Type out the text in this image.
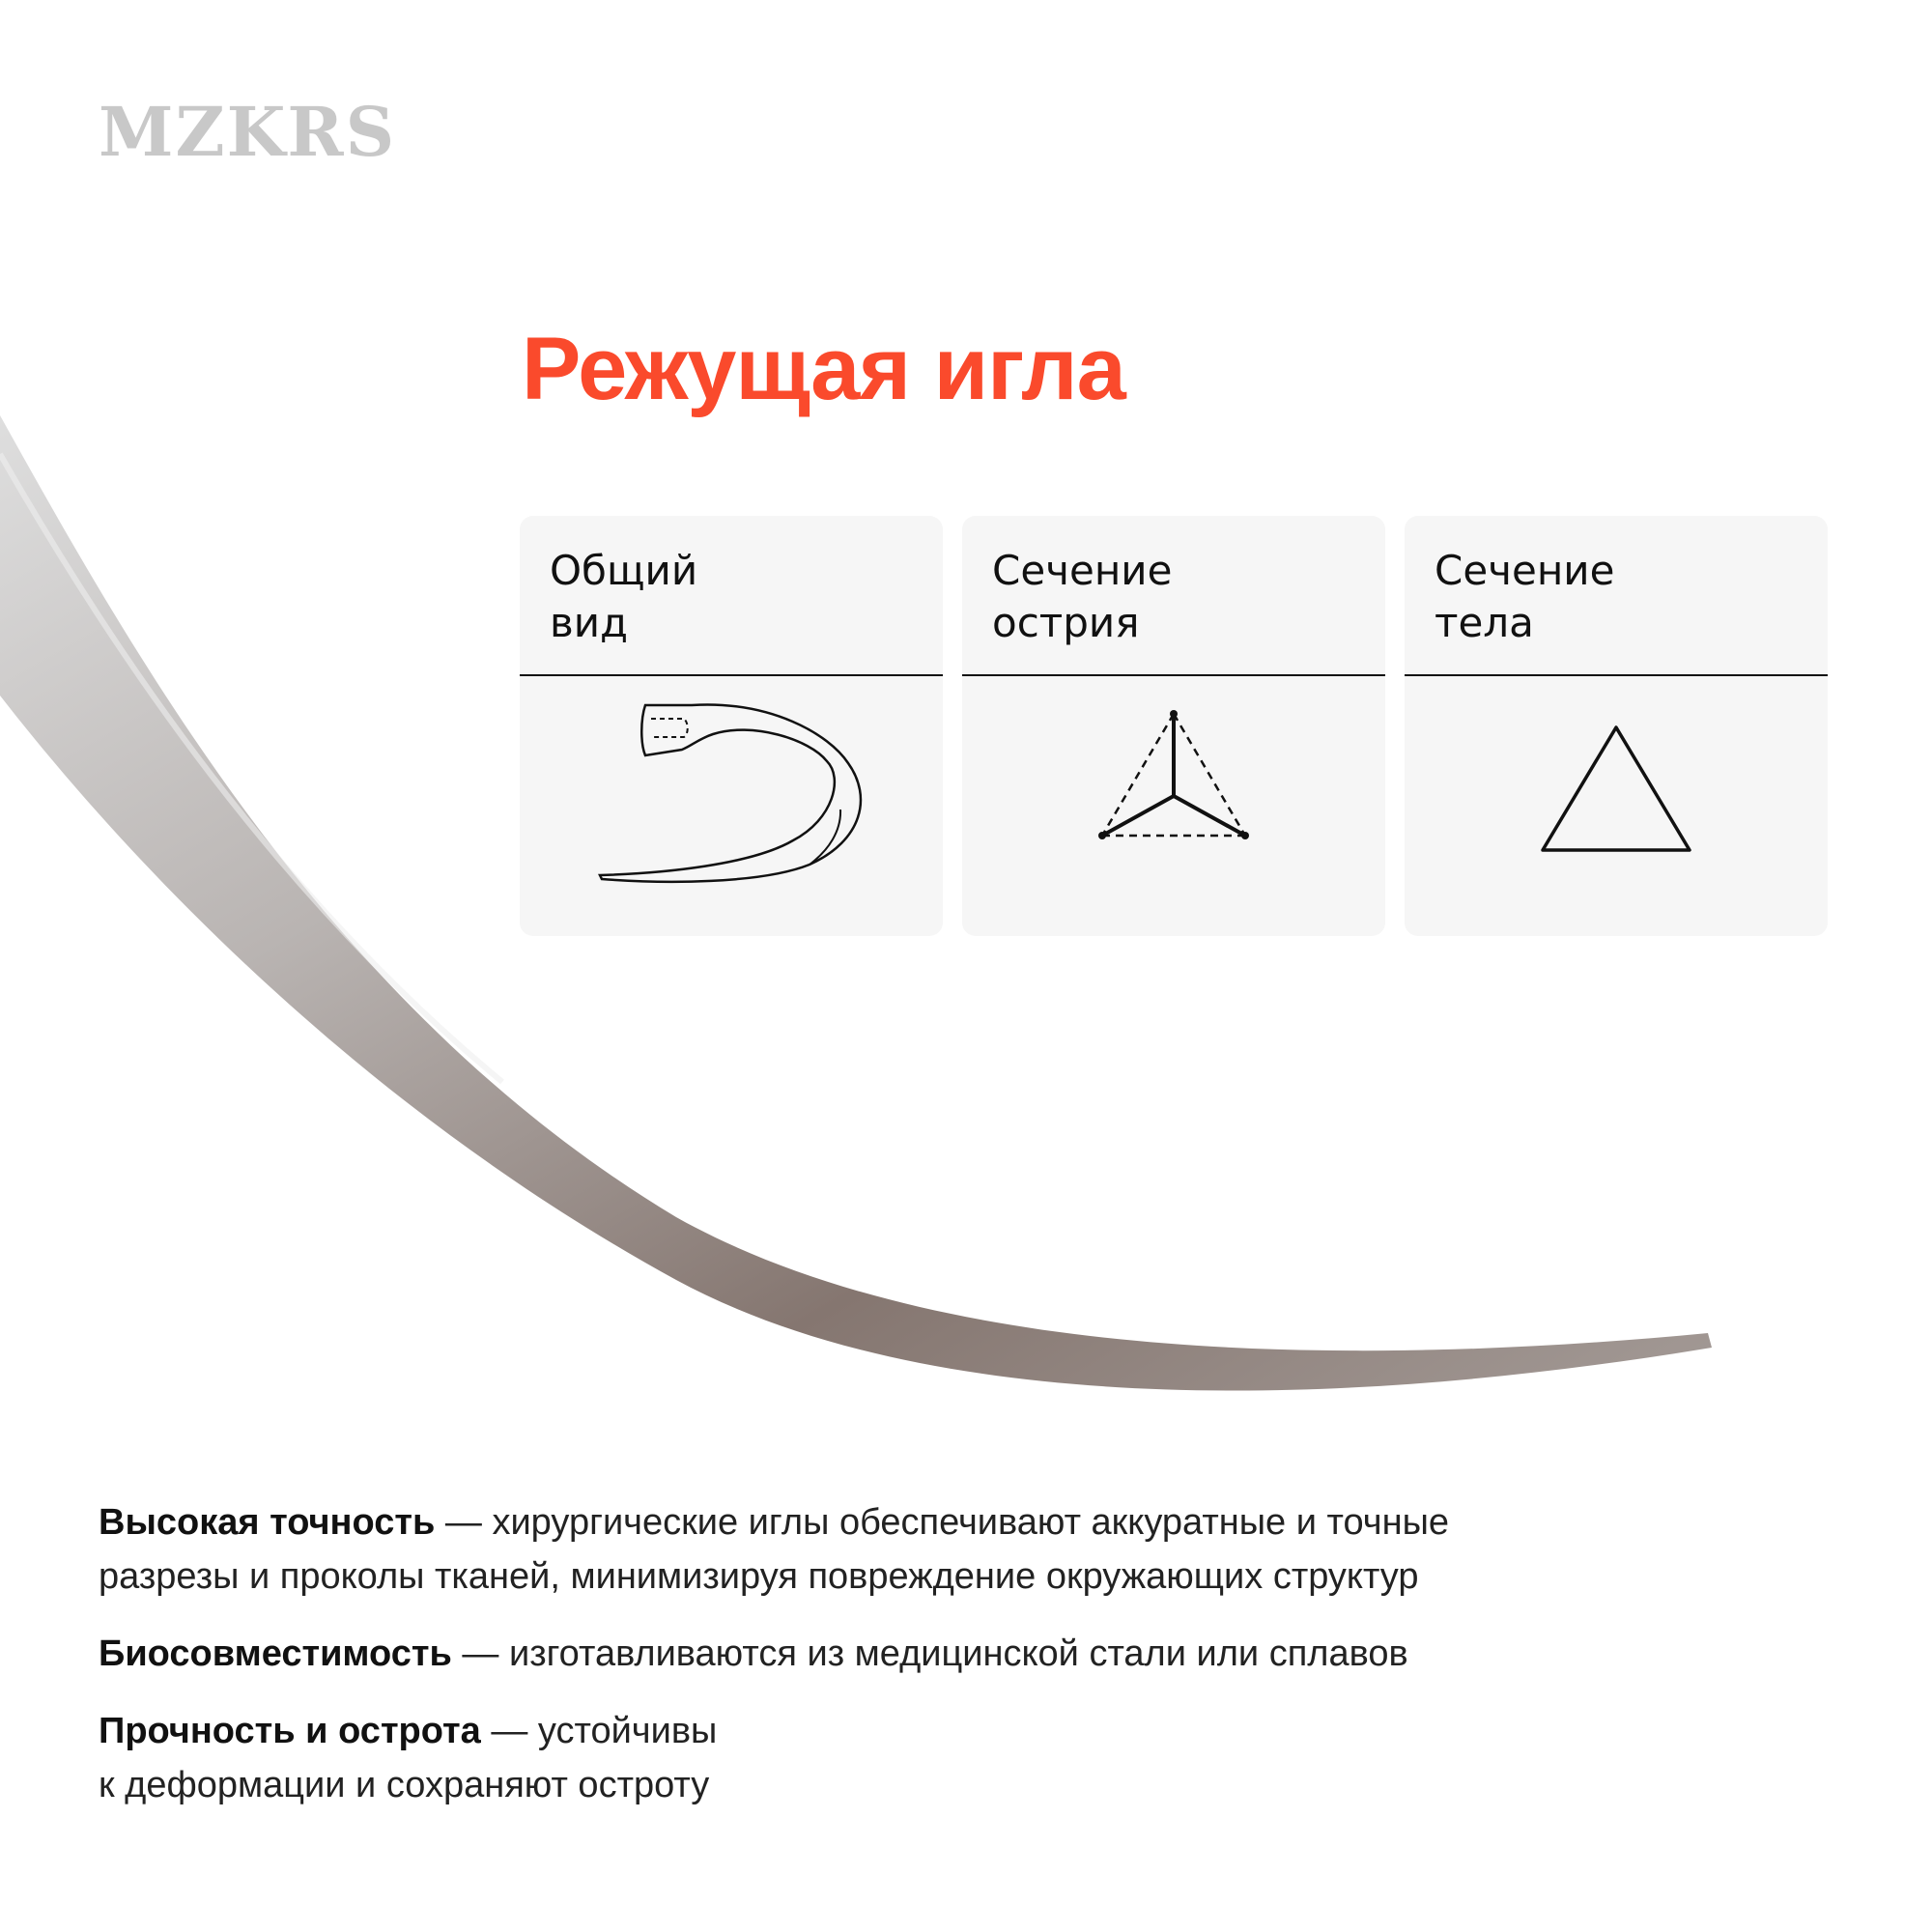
MZKRS
Режущая игла
Общий
вид
Сечение
острия
Сечение
тела

Высокая точность — хирургические иглы обеспечивают аккуратные и точные разрезы и проколы тканей, минимизируя повреждение окружающих структур

Биосовместимость — изготавливаются из медицинской стали или сплавов

Прочность и острота — устойчивы
к деформации и сохраняют остроту
